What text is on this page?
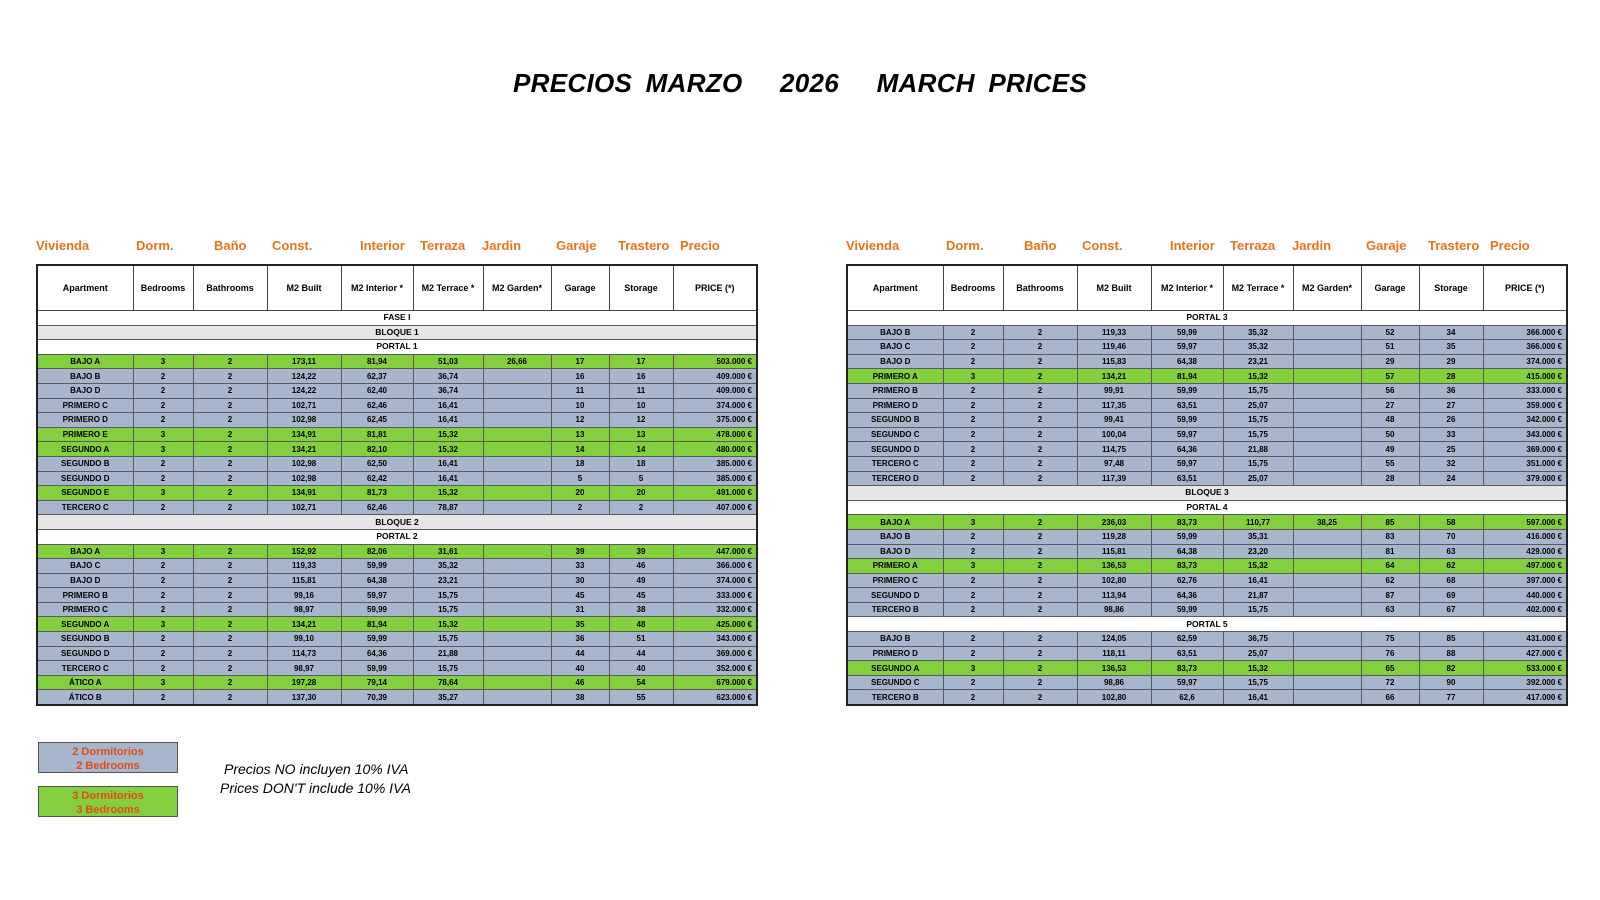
PRECIOS MARZO 2026 MARCH PRICES
Vivienda	Dorm.	Baño Const.	Interior Terraza Jardin	Garaje Trastero Precio
Apartment	Bedrooms	Bathrooms	M2 Built	M2 Interior *	M2 Terrace *	M2 Garden*	Garage	Storage	PRICE (*)
FASE I									
BLOQUE 1									
PORTAL 1									
BAJO A	3	2	173,11	81,94	51,03	26,66	17	17	503.000 €
BAJO B	2	2	124,22	62,37	36,74		16	16	409.000 €
BAJO D	2	2	124,22	62,40	36,74		11	11	409.000 €
PRIMERO C	2	2	102,71	62,46	16,41		10	10	374.000 €
PRIMERO D	2	2	102,98	62,45	16,41		12	12	375.000 €
PRIMERO E	3	2	134,91	81,81	15,32		13	13	478.000 €
SEGUNDO A	3	2	134,21	82,10	15,32		14	14	480.000 €
SEGUNDO B	2	2	102,98	62,50	16,41		18	18	385.000 €
SEGUNDO D	2	2	102,98	62,42	16,41		5	5	385.000 €
SEGUNDO E	3	2	134,91	81,73	15,32		20	20	491.000 €
TERCERO C	2	2	102,71	62,46	78,87		2	2	407.000 €
BLOQUE 2									
PORTAL 2									
BAJO A	3	2	152,92	82,06	31,61		39	39	447.000 €
BAJO C	2	2	119,33	59,99	35,32		33	46	366.000 €
BAJO D	2	2	115,81	64,38	23,21		30	49	374.000 €
PRIMERO B	2	2	99,16	59,97	15,75		45	45	333.000 €
PRIMERO C	2	2	98,97	59,99	15,75		31	38	332.000 €
SEGUNDO A	3	2	134,21	81,94	15,32		35	48	425.000 €
SEGUNDO B	2	2	99,10	59,99	15,75		36	51	343.000 €
SEGUNDO D	2	2	114,73	64,36	21,88		44	44	369.000 €
TERCERO C	2	2	98,97	59,99	15,75		40	40	352.000 €
ÁTICO A	3	2	197,28	79,14	78,64		46	54	679.000 €
ÁTICO B	2	2	137,30	70,39	35,27		38	55	623.000 €
Vivienda	Dorm.	Baño Const.	Interior Terraza Jardin	Garaje Trastero Precio
Apartment	Bedrooms	Bathrooms	M2 Built	M2 Interior *	M2 Terrace *	M2 Garden*	Garage	Storage	PRICE (*)
PORTAL 3									
BAJO B	2	2	119,33	59,99	35,32		52	34	366.000 €
BAJO C	2	2	119,46	59,97	35,32		51	35	366.000 €
BAJO D	2	2	115,83	64,38	23,21		29	29	374.000 €
PRIMERO A	3	2	134,21	81,94	15,32		57	28	415.000 €
PRIMERO B	2	2	99,91	59,99	15,75		56	36	333.000 €
PRIMERO D	2	2	117,35	63,51	25,07		27	27	359.000 €
SEGUNDO B	2	2	99,41	59,99	15,75		48	26	342.000 €
SEGUNDO C	2	2	100,04	59,97	15,75		50	33	343.000 €
SEGUNDO D	2	2	114,75	64,36	21,88		49	25	369.000 €
TERCERO C	2	2	97,48	59,97	15,75		55	32	351.000 €
TERCERO D	2	2	117,39	63,51	25,07		28	24	379.000 €
BLOQUE 3									
PORTAL 4									
BAJO A	3	2	236,03	83,73	110,77	38,25	85	58	597.000 €
BAJO B	2	2	119,28	59,99	35,31		83	70	416.000 €
BAJO D	2	2	115,81	64,38	23,20		81	63	429.000 €
PRIMERO A	3	2	136,53	83,73	15,32		64	62	497.000 €
PRIMERO C	2	2	102,80	62,76	16,41		62	68	397.000 €
SEGUNDO D	2	2	113,94	64,36	21,87		87	69	440.000 €
TERCERO B	2	2	98,86	59,99	15,75		63	67	402.000 €
PORTAL 5									
BAJO B	2	2	124,05	62,59	36,75		75	85	431.000 €
PRIMERO D	2	2	118,11	63,51	25,07		76	88	427.000 €
SEGUNDO A	3	2	136,53	83,73	15,32		65	82	533.000 €
SEGUNDO C	2	2	98,86	59,97	15,75		72	90	392.000 €
TERCERO B	2	2	102,80	62,6	16,41		66	77	417.000 €
2 Dormitorios
2 Bedrooms
3 Dormitorios
3 Bedrooms
Precios NO incluyen 10% IVA
Prices DON'T include 10% IVA
